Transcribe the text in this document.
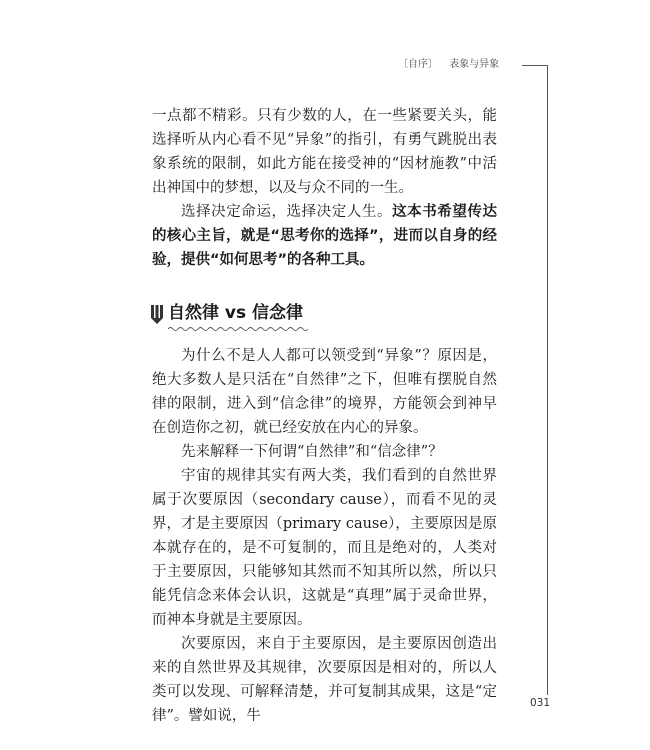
〔自序〕 表象与异象

一点都不精彩。只有少数的人，在一些紧要关头，能选择听从内心看不见“异象”的指引，有勇气跳脱出表象系统的限制，如此方能在接受神的“因材施教”中活出神国中的梦想，以及与众不同的一生。

选择决定命运，选择决定人生。这本书希望传达的核心主旨，就是“思考你的选择”，进而以自身的经验，提供“如何思考”的各种工具。

自然律 vs 信念律

为什么不是人人都可以领受到“异象”？原因是，绝大多数人是只活在“自然律”之下，但唯有摆脱自然律的限制，进入到“信念律”的境界，方能领会到神早在创造你之初，就已经安放在内心的异象。

先来解释一下何谓“自然律”和“信念律”？

宇宙的规律其实有两大类，我们看到的自然世界属于次要原因（secondary cause），而看不见的灵界，才是主要原因（primary cause），主要原因是原本就存在的，是不可复制的，而且是绝对的，人类对于主要原因，只能够知其然而不知其所以然，所以只能凭信念来体会认识，这就是“真理”属于灵命世界，而神本身就是主要原因。

次要原因，来自于主要原因，是主要原因创造出来的自然世界及其规律，次要原因是相对的，所以人类可以发现、可解释清楚，并可复制其成果，这是“定律”。譬如说，牛

031
